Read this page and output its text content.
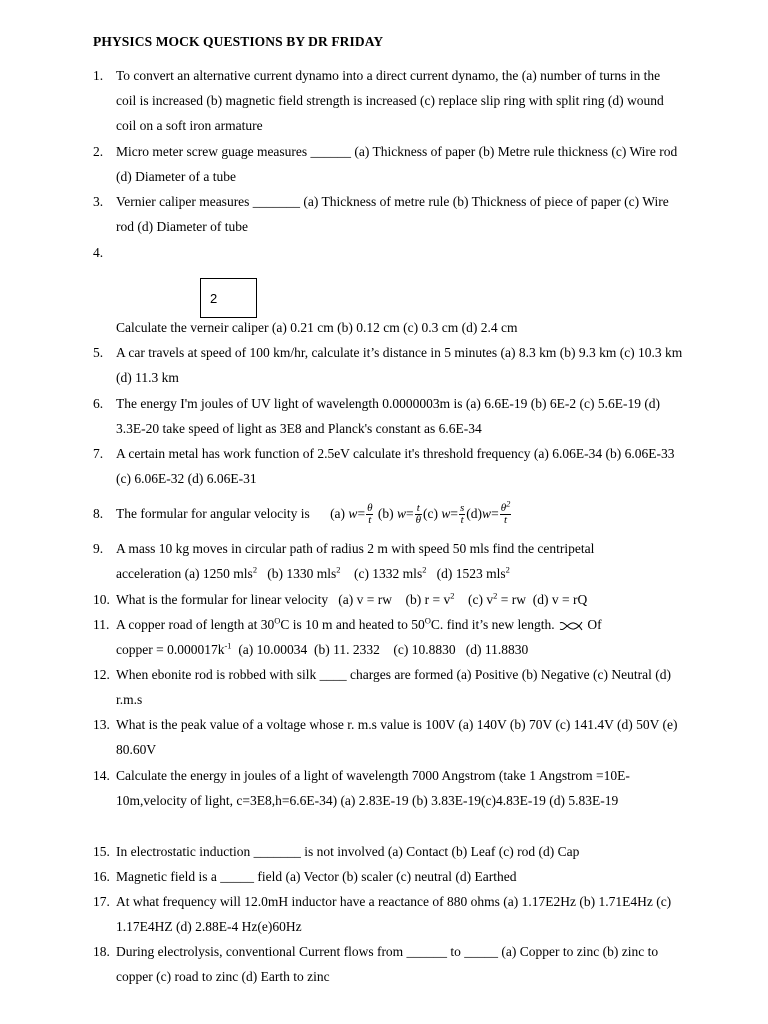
PHYSICS MOCK QUESTIONS BY DR FRIDAY
1. To convert an alternative current dynamo into a direct current dynamo, the (a) number of turns in the coil is increased (b) magnetic field strength is increased (c) replace slip ring with split ring (d) wound coil on a soft iron armature
2. Micro meter screw guage measures ______ (a) Thickness of paper (b) Metre rule thickness (c) Wire rod (d) Diameter of a tube
3. Vernier caliper measures _______ (a) Thickness of metre rule (b) Thickness of piece of paper (c) Wire rod (d) Diameter of tube
4.

2
Calculate the verneir caliper (a) 0.21 cm (b) 0.12 cm (c) 0.3 cm (d) 2.4 cm
5. A car travels at speed of 100 km/hr, calculate it’s distance in 5 minutes (a) 8.3 km (b) 9.3 km (c) 10.3 km (d) 11.3 km
6. The energy I'm joules of UV light of wavelength 0.0000003m is (a) 6.6E-19 (b) 6E-2 (c) 5.6E-19 (d) 3.3E-20 take speed of light as 3E8 and Planck's constant as 6.6E-34
7. A certain metal has work function of 2.5eV calculate it's threshold frequency (a) 6.06E-34 (b) 6.06E-33 (c) 6.06E-32 (d) 6.06E-31
8. The formular for angular velocity is (a) $w= \frac{\theta}{t} (b)$ $w= \frac{t}{\theta} (c)$ $w= \frac{s}{t} (d)w= \frac{\theta^2}{t}$
9. A mass 10 kg moves in circular path of radius 2 m with speed 50 mls find the centripetal
acceleration (a) 1250 mls$^2$   (b) 1330 mls$^2$    (c) 1332 mls$^2$   (d) 1523 mls$^2$
10. What is the formular for linear velocity   (a) v = rw    (b) $r = v^2$    (c) $v^2$ = rw  (d) v = rQ
11. A copper road of length at $30^OC$ is 10 m and heated to $50^OC$. find it’s new length.  Of
copper = $0.000017k^{-1}$  (a) 10.00034  (b) 11. 2332    (c) 10.8830   (d) 11.8830
12. When ebonite rod is robbed with silk ____ charges are formed (a) Positive (b) Negative (c) Neutral (d) r.m.s
13. What is the peak value of a voltage whose r. m.s value is 100V (a) 140V (b) 70V (c) 141.4V (d) 50V (e) 80.60V
14. Calculate the energy in joules of a light of wavelength 7000 Angstrom (take 1 Angstrom =10E-10m,velocity of light, c=3E8,h=6.6E-34) (a) 2.83E-19 (b) 3.83E-19(c)4.83E-19 (d) 5.83E-19
15. In electrostatic induction _______ is not involved (a) Contact (b) Leaf (c) rod (d) Cap
16. Magnetic field is a _____ field (a) Vector (b) scaler (c) neutral (d) Earthed
17. At what frequency will 12.0mH inductor have a reactance of 880 ohms (a) 1.17E2Hz (b) 1.71E4Hz (c) 1.17E4HZ (d) 2.88E-4 Hz(e)60Hz
18. During electrolysis, conventional Current flows from ______ to _____ (a) Copper to zinc (b) zinc to copper (c) road to zinc (d) Earth to zinc
